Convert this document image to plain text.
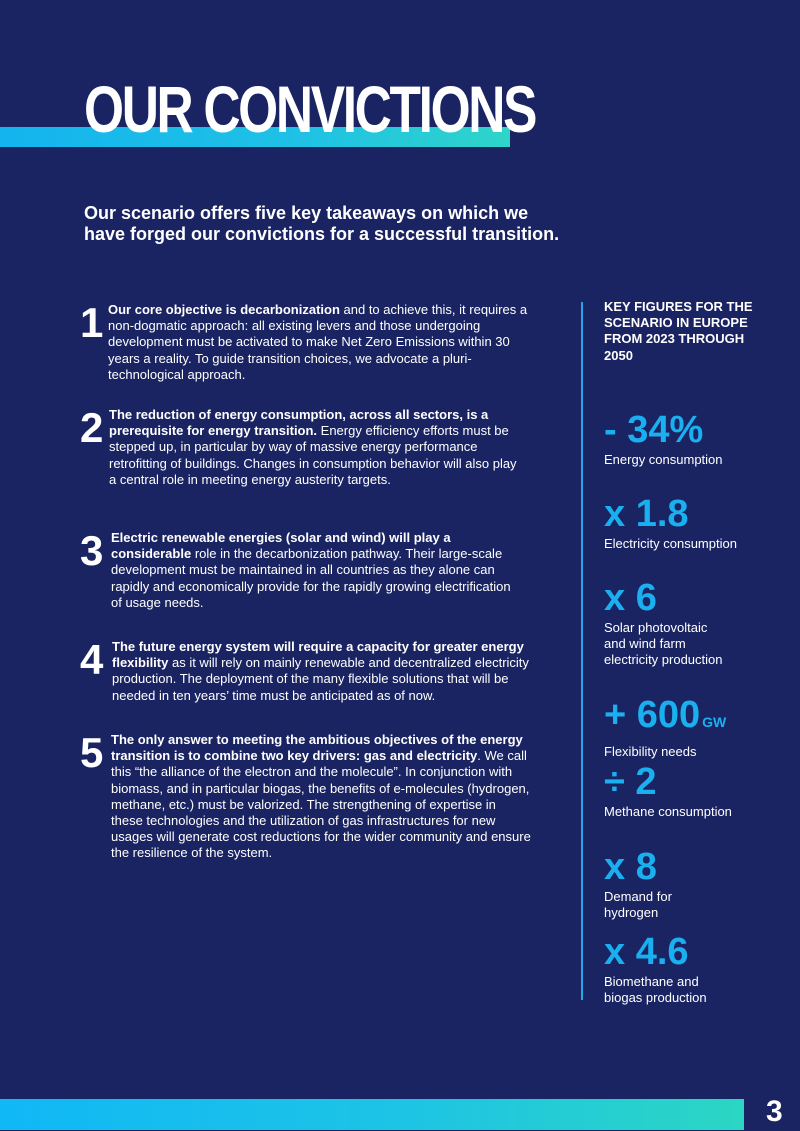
OUR CONVICTIONS
Our scenario offers five key takeaways on which we have forged our convictions for a successful transition.
1 Our core objective is decarbonization and to achieve this, it requires a non-dogmatic approach: all existing levers and those undergoing development must be activated to make Net Zero Emissions within 30 years a reality. To guide transition choices, we advocate a pluri-technological approach.
2 The reduction of energy consumption, across all sectors, is a prerequisite for energy transition. Energy efficiency efforts must be stepped up, in particular by way of massive energy performance retrofitting of buildings. Changes in consumption behavior will also play a central role in meeting energy austerity targets.
3 Electric renewable energies (solar and wind) will play a considerable role in the decarbonization pathway. Their large-scale development must be maintained in all countries as they alone can rapidly and economically provide for the rapidly growing electrification of usage needs.
4 The future energy system will require a capacity for greater energy flexibility as it will rely on mainly renewable and decentralized electricity production. The deployment of the many flexible solutions that will be needed in ten years’ time must be anticipated as of now.
5 The only answer to meeting the ambitious objectives of the energy transition is to combine two key drivers: gas and electricity. We call this “the alliance of the electron and the molecule”. In conjunction with biomass, and in particular biogas, the benefits of e-molecules (hydrogen, methane, etc.) must be valorized. The strengthening of expertise in these technologies and the utilization of gas infrastructures for new usages will generate cost reductions for the wider community and ensure the resilience of the system.
KEY FIGURES FOR THE SCENARIO IN EUROPE FROM 2023 THROUGH 2050
- 34%
Energy consumption
x 1.8
Electricity consumption
x 6
Solar photovoltaic and wind farm electricity production
+ 600 GW
Flexibility needs
÷ 2
Methane consumption
x 8
Demand for hydrogen
x 4.6
Biomethane and biogas production
3
